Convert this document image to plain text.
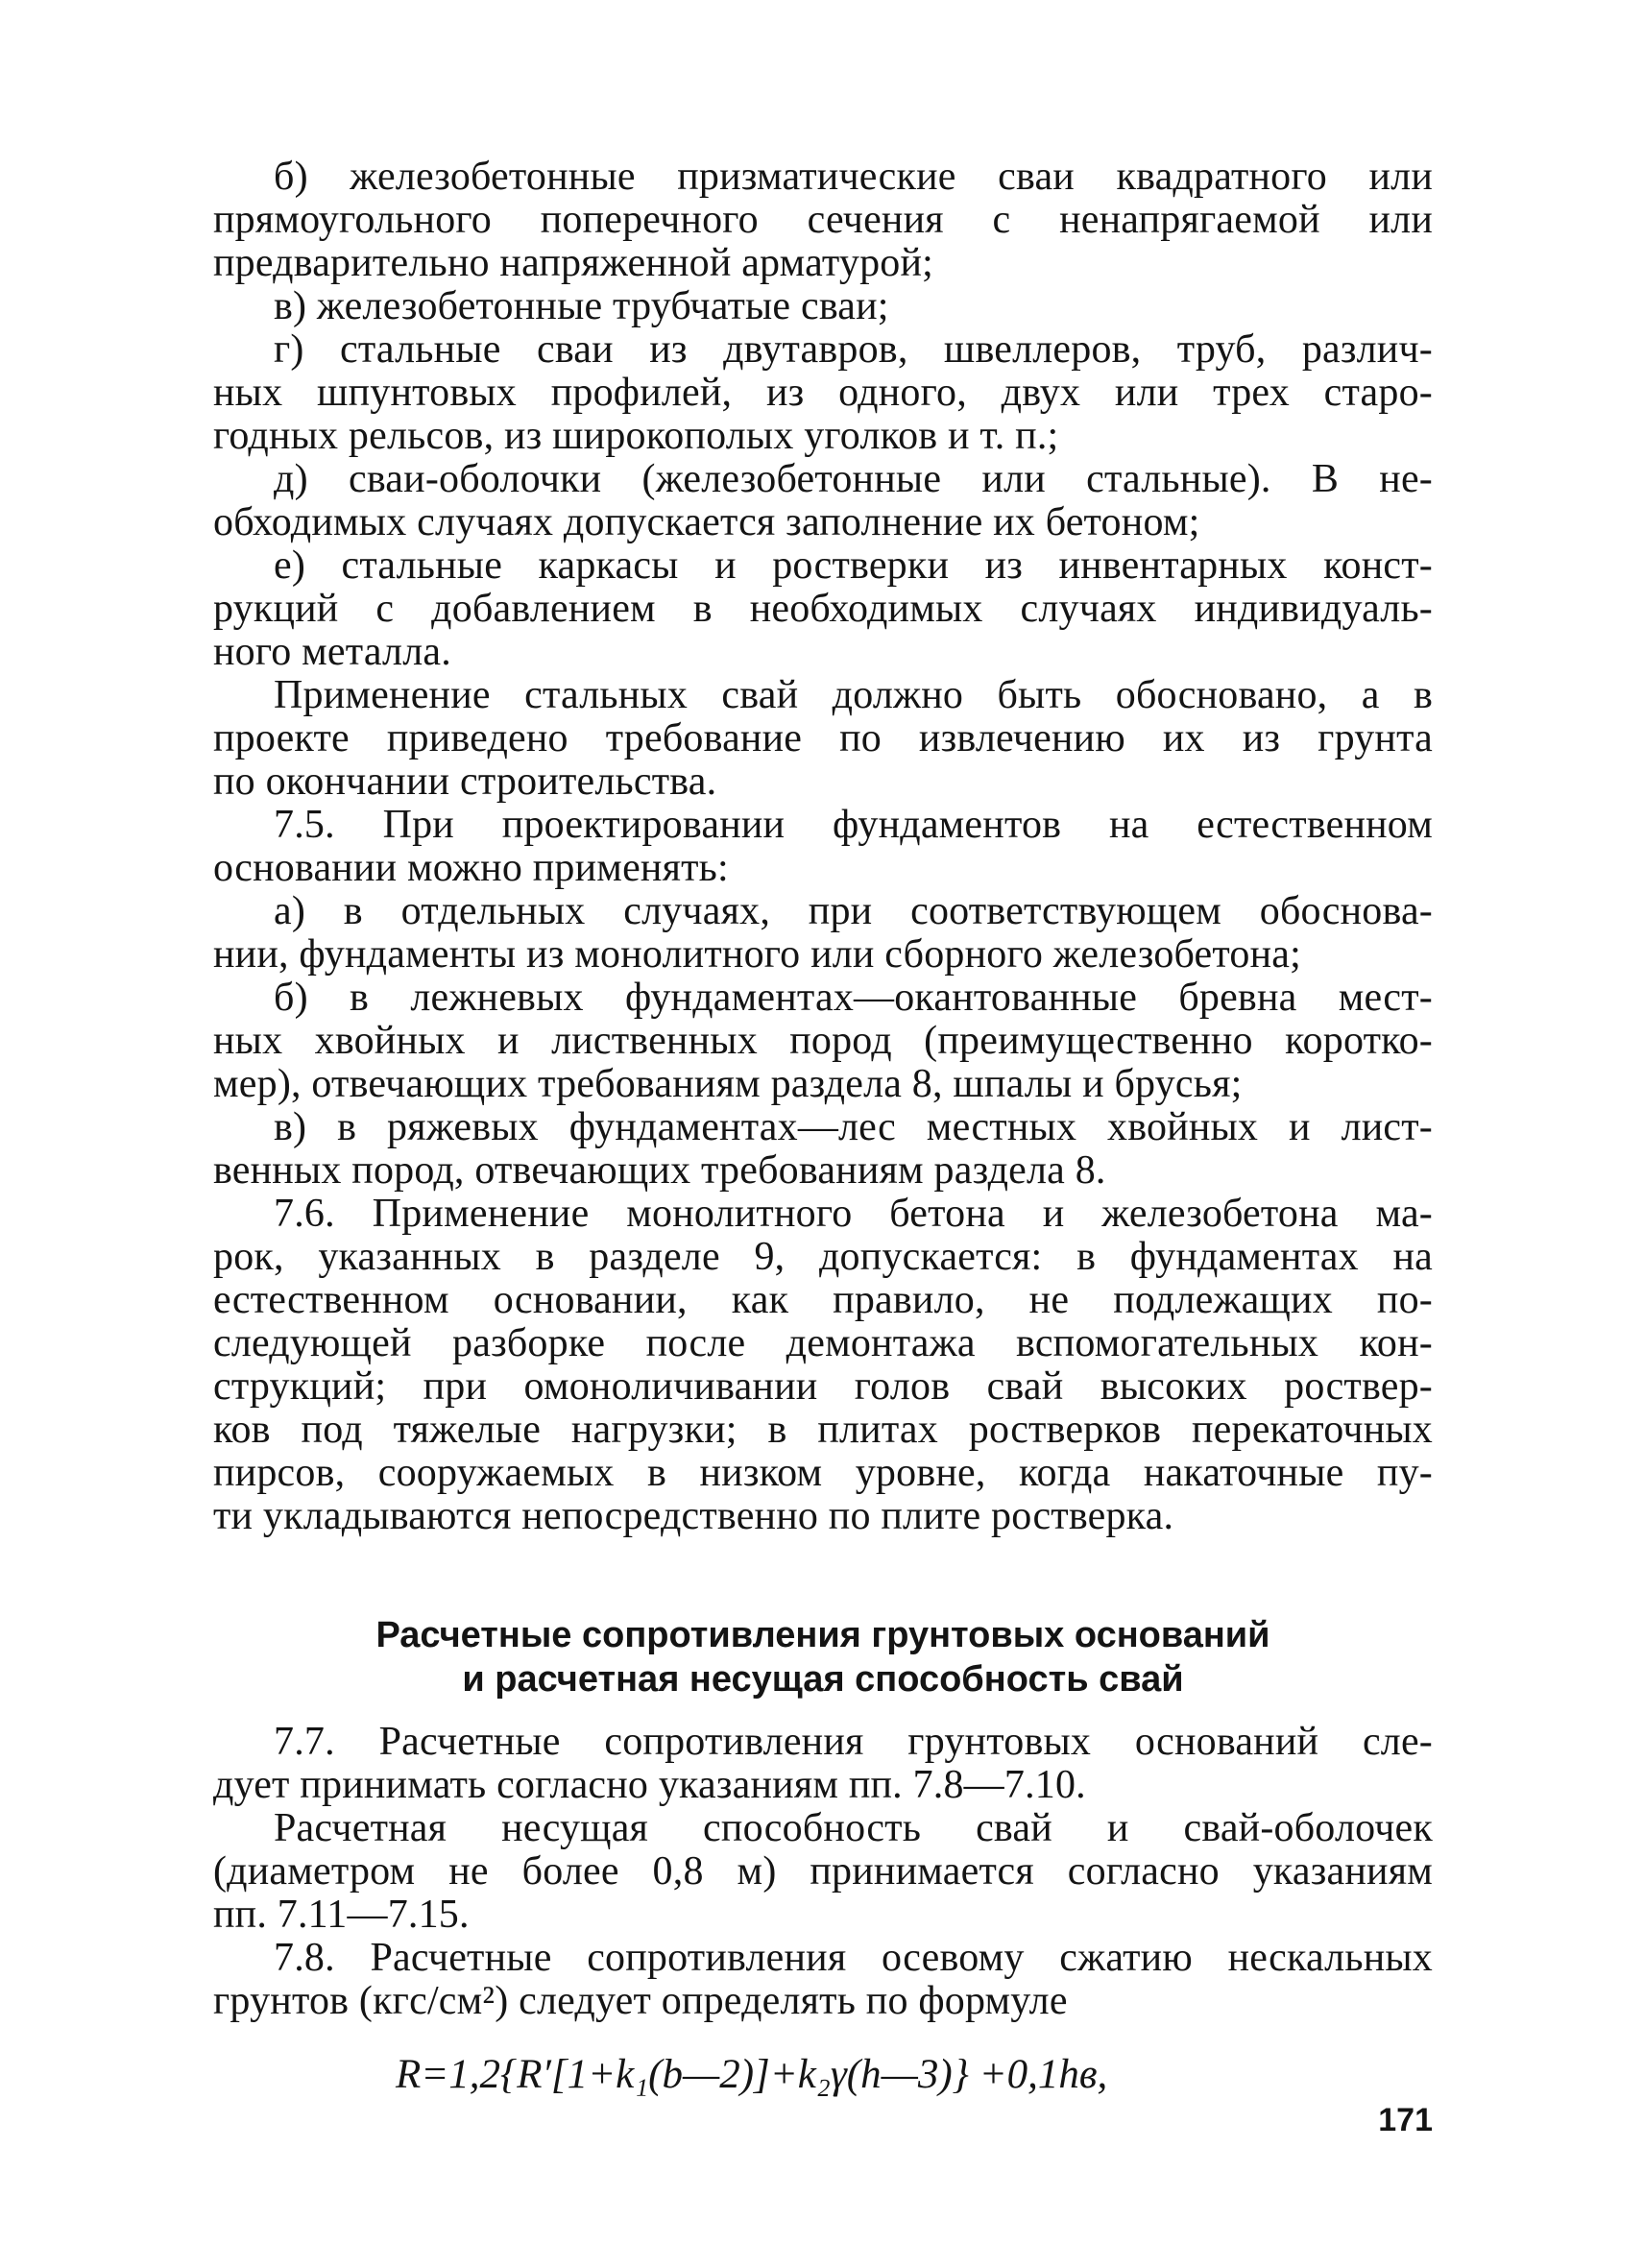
б) железобетонные призматические сваи квадратного или
прямоугольного поперечного сечения с ненапрягаемой или
предварительно напряженной арматурой;
в) железобетонные трубчатые сваи;
г) стальные сваи из двутавров, швеллеров, труб, различ-
ных шпунтовых профилей, из одного, двух или трех старо-
годных рельсов, из широкополых уголков и т. п.;
д) сваи-оболочки (железобетонные или стальные). В не-
обходимых случаях допускается заполнение их бетоном;
е) стальные каркасы и ростверки из инвентарных конст-
рукций с добавлением в необходимых случаях индивидуаль-
ного металла.
Применение стальных свай должно быть обосновано, а в
проекте приведено требование по извлечению их из грунта
по окончании строительства.
7.5. При проектировании фундаментов на естественном
основании можно применять:
а) в отдельных случаях, при соответствующем обоснова-
нии, фундаменты из монолитного или сборного железобетона;
б) в лежневых фундаментах—окантованные бревна мест-
ных хвойных и лиственных пород (преимущественно коротко-
мер), отвечающих требованиям раздела 8, шпалы и брусья;
в) в ряжевых фундаментах—лес местных хвойных и лист-
венных пород, отвечающих требованиям раздела 8.
7.6. Применение монолитного бетона и железобетона ма-
рок, указанных в разделе 9, допускается: в фундаментах на
естественном основании, как правило, не подлежащих по-
следующей разборке после демонтажа вспомогательных кон-
струкций; при омоноличивании голов свай высоких роствер-
ков под тяжелые нагрузки; в плитах ростверков перекаточных
пирсов, сооружаемых в низком уровне, когда накаточные пу-
ти укладываются непосредственно по плите ростверка.
Расчетные сопротивления грунтовых оснований
и расчетная несущая способность свай
7.7. Расчетные сопротивления грунтовых оснований сле-
дует принимать согласно указаниям пп. 7.8—7.10.
Расчетная несущая способность свай и свай-оболочек
(диаметром не более 0,8 м) принимается согласно указаниям
пп. 7.11—7.15.
7.8. Расчетные сопротивления осевому сжатию нескальных
грунтов (кгс/см²) следует определять по формуле
R=1,2{R′[1+k₁(b—2)]+k₂γ(h—3)} +0,1hв,
171
